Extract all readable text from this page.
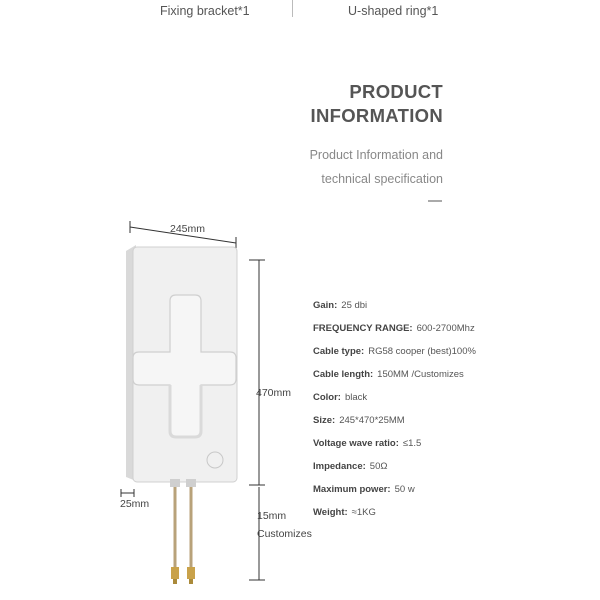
Fixing bracket*1	U-shaped ring*1
PRODUCT
INFORMATION
Product Information and
technical specification
245mm
470mm
25mm
15mm
Customizes
Gain: 25 dbi
FREQUENCY RANGE: 600-2700Mhz
Cable type: RG58 cooper (best)100%
Cable length: 150MM /Customizes
Color: black
Size: 245*470*25MM
Voltage wave ratio: ≤1.5
Impedance: 50Ω
Maximum power: 50 w
Weight: ≈1KG
